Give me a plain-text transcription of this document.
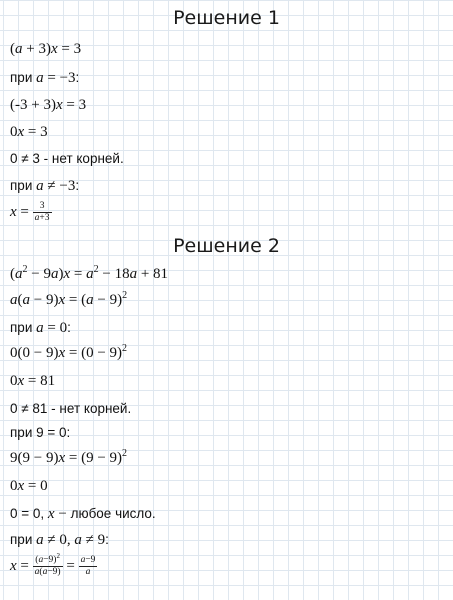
Решение 1
(a + 3)x = 3
при a = −3:
(-3 + 3)x = 3
0x = 3
0 ≠ 3 - нет корней.
при a ≠ −3:
$x = \frac{3}{a+3}$
Решение 2
$(a^2 - 9a)x = a^2 - 18a + 81$
$a(a - 9)x = (a - 9)^2$
при a = 0:
$0(0 - 9)x = (0 - 9)^2$
0x = 81
0 ≠ 81 - нет корней.
при 9 = 0:
$9(9 - 9)x = (9 - 9)^2$
0x = 0
0 = 0, x − любое число.
при a ≠ 0, a ≠ 9:
$x = \frac{(a-9)^2}{a(a-9)} = \frac{a-9}{a}$
